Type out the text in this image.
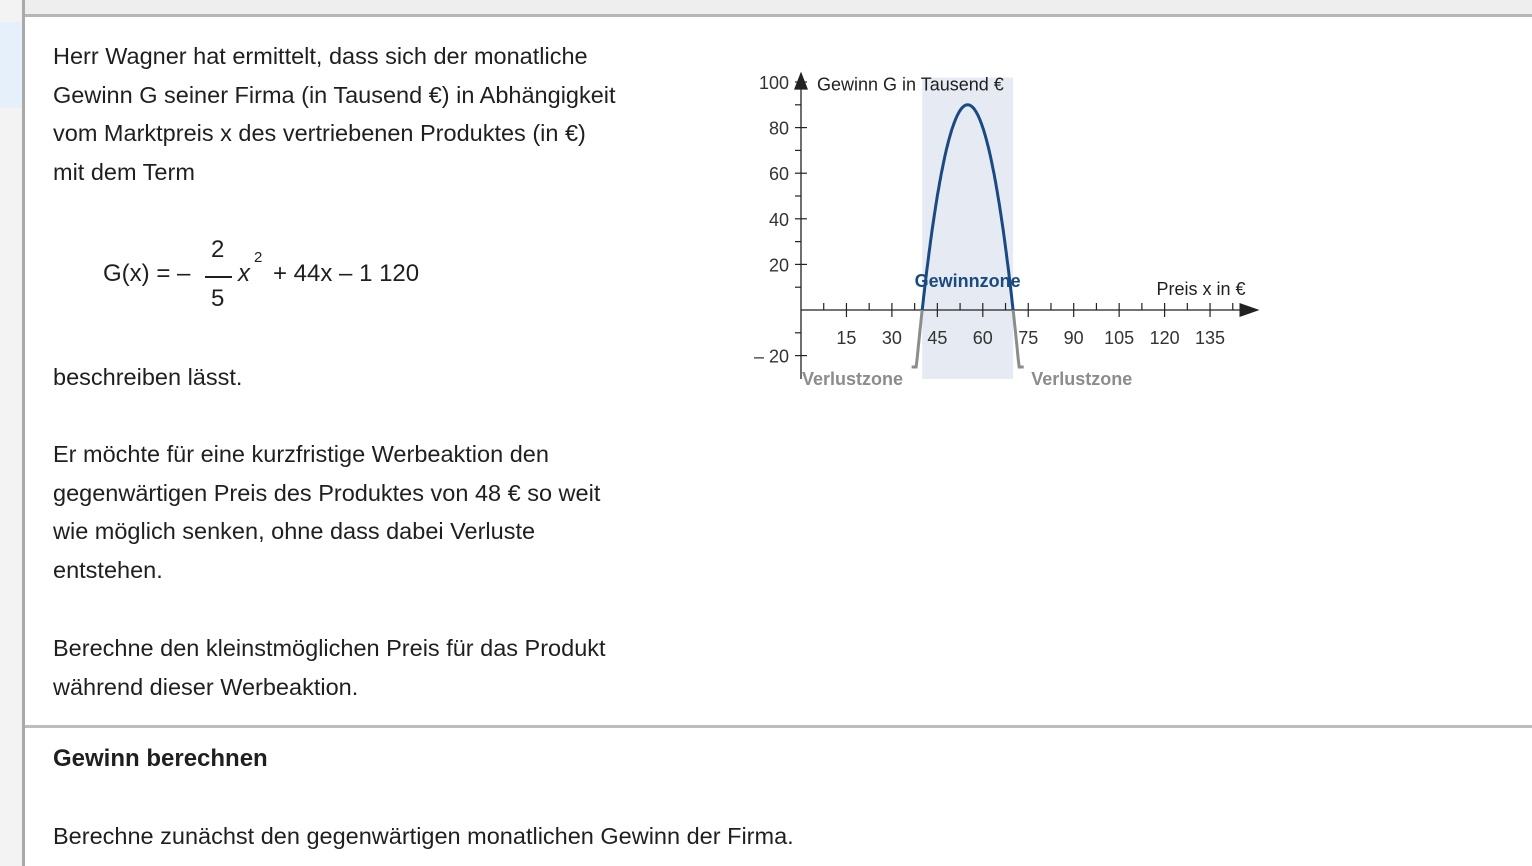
Herr Wagner hat ermittelt, dass sich der monatliche
Gewinn G seiner Firma (in Tausend €) in Abhängigkeit
vom Marktpreis x des vertriebenen Produktes (in €)
mit dem Term

G(x) = –
2
5
x
2
+ 44x – 1 120

beschreiben lässt.

Er möchte für eine kurzfristige Werbeaktion den
gegenwärtigen Preis des Produktes von 48 € so weit
wie möglich senken, ohne dass dabei Verluste
entstehen.

Berechne den kleinstmöglichen Preis für das Produkt
während dieser Werbeaktion.

100
80
60
40
20
– 20
15 30 45 60 75 90 105 120 135
Gewinn G in Tausend €
Preis x in €
Gewinnzone
Verlustzone	Verlustzone
Gewinn berechnen

Berechne zunächst den gegenwärtigen monatlichen Gewinn der Firma.
